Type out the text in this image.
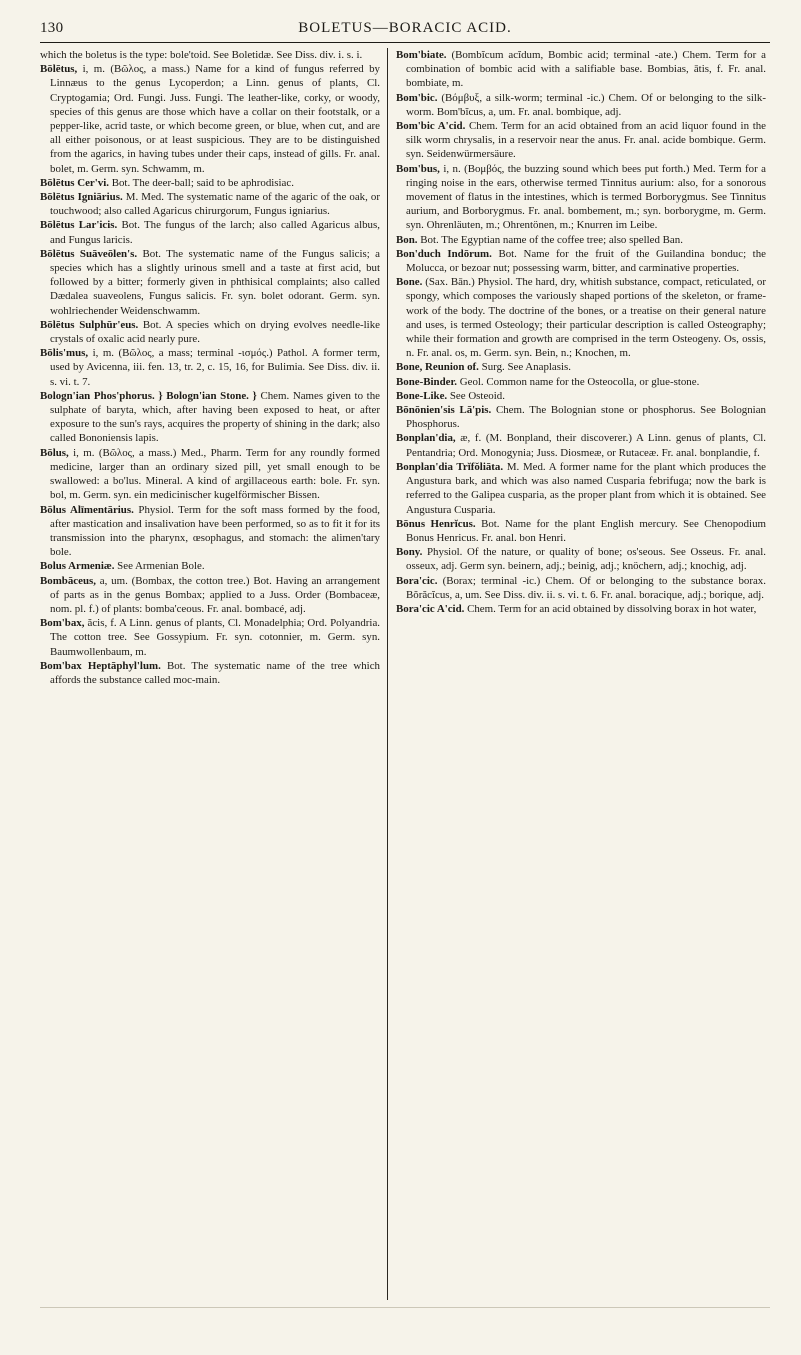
130	BOLETUS—BORACIC ACID.

which the boletus is the type: bole'toid. See Boletidæ. See Diss. div. i. s. i.

Bōlētus, i, m. (Βῶλος, a mass.) Name for a kind of fungus referred by Linnæus to the genus Lycoperdon; a Linn. genus of plants, Cl. Cryptogamia; Ord. Fungi. Juss. Fungi. The leather-like, corky, or woody, species of this genus are those which have a collar on their footstalk, or a pepper-like, acrid taste, or which become green, or blue, when cut, and are all either poisonous, or at least suspicious. They are to be distinguished from the agarics, in having tubes under their caps, instead of gills. Fr. anal. bolet, m. Germ. syn. Schwamm, m.

Bōlētus Cer'vi. Bot. The deer-ball; said to be aphrodisiac.

Bōlētus Igniārius. M. Med. The systematic name of the agaric of the oak, or touchwood; also called Agaricus chirurgorum, Fungus igniarius.

Bōlētus Lar'icis. Bot. The fungus of the larch; also called Agaricus albus, and Fungus laricis.

Bōlētus Suāveōlen's. Bot. The systematic name of the Fungus salicis; a species which has a slightly urinous smell and a taste at first acid, but followed by a bitter; formerly given in phthisical complaints; also called Dædalea suaveolens, Fungus salicis. Fr. syn. bolet odorant. Germ. syn. wohlriechender Weidenschwamm.

Bōlētus Sulphūr'eus. Bot. A species which on drying evolves needle-like crystals of oxalic acid nearly pure.

Bōlis'mus, i, m. (Βῶλος, a mass; terminal -ισμός.) Pathol. A former term, used by Avicenna, iii. fen. 13, tr. 2, c. 15, 16, for Bulimia. See Diss. div. ii. s. vi. t. 7.

Bologn'ian Phos'phorus. } Bologn'ian Stone. } Chem. Names given to the sulphate of baryta, which, after having been exposed to heat, or after exposure to the sun's rays, acquires the property of shining in the dark; also called Bononiensis lapis.

Bōlus, i, m. (Βῶλος, a mass.) Med., Pharm. Term for any roundly formed medicine, larger than an ordinary sized pill, yet small enough to be swallowed: a bo'lus. Mineral. A kind of argillaceous earth: bole. Fr. syn. bol, m. Germ. syn. ein medicinischer kugelförmischer Bissen.

Bōlus Alīmentārius. Physiol. Term for the soft mass formed by the food, after mastication and insalivation have been performed, so as to fit it for its transmission into the pharynx, œsophagus, and stomach: the alimen'tary bole.

Bolus Armeniæ. See Armenian Bole.

Bombāceus, a, um. (Bombax, the cotton tree.) Bot. Having an arrangement of parts as in the genus Bombax; applied to a Juss. Order (Bombaceæ, nom. pl. f.) of plants: bomba'ceous. Fr. anal. bombacé, adj.

Bom'bax, ăcis, f. A Linn. genus of plants, Cl. Monadelphia; Ord. Polyandria. The cotton tree. See Gossypium. Fr. syn. cotonnier, m. Germ. syn. Baumwollenbaum, m.

Bom'bax Heptāphyl'lum. Bot. The systematic name of the tree which affords the substance called moc-main.

Bom'biate. (Bombĭcum acĭdum, Bombic acid; terminal -ate.) Chem. Term for a combination of bombic acid with a salifiable base. Bombias, ātis, f. Fr. anal. bombiate, m.

Bom'bic. (Βόμβυξ, a silk-worm; terminal -ic.) Chem. Of or belonging to the silk-worm. Bom'bĭcus, a, um. Fr. anal. bombique, adj.

Bom'bic A'cid. Chem. Term for an acid obtained from an acid liquor found in the silk worm chrysalis, in a reservoir near the anus. Fr. anal. acide bombique. Germ. syn. Seidenwürmersäure.

Bom'bus, i, n. (Βομβός, the buzzing sound which bees put forth.) Med. Term for a ringing noise in the ears, otherwise termed Tinnitus aurium: also, for a sonorous movement of flatus in the intestines, which is termed Borborygmus. See Tinnitus aurium, and Borborygmus. Fr. anal. bombement, m.; syn. borborygme, m. Germ. syn. Ohrenläuten, m.; Ohrentönen, m.; Knurren im Leibe.

Bon. Bot. The Egyptian name of the coffee tree; also spelled Ban.

Bon'duch Indōrum. Bot. Name for the fruit of the Guilandina bonduc; the Molucca, or bezoar nut; possessing warm, bitter, and carminative properties.

Bone. (Sax. Bān.) Physiol. The hard, dry, whitish substance, compact, reticulated, or spongy, which composes the variously shaped portions of the skeleton, or frame-work of the body. The doctrine of the bones, or a treatise on their general nature and uses, is termed Osteology; their particular description is called Osteography; while their formation and growth are comprised in the term Osteogeny. Os, ossis, n. Fr. anal. os, m. Germ. syn. Bein, n.; Knochen, m.

Bone, Reunion of. Surg. See Anaplasis.

Bone-Binder. Geol. Common name for the Osteocolla, or glue-stone.

Bone-Like. See Osteoid.

Bōnōnien'sis Lā'pis. Chem. The Bolognian stone or phosphorus. See Bolognian Phosphorus.

Bonplan'dia, æ, f. (M. Bonpland, their discoverer.) A Linn. genus of plants, Cl. Pentandria; Ord. Monogynia; Juss. Diosmeæ, or Rutaceæ. Fr. anal. bonplandie, f.

Bonplan'dia Trĭfŏliāta. M. Med. A former name for the plant which produces the Angustura bark, and which was also named Cusparia febrifuga; now the bark is referred to the Galipea cusparia, as the proper plant from which it is obtained. See Angustura Cusparia.

Bōnus Henrĭcus. Bot. Name for the plant English mercury. See Chenopodium Bonus Henricus. Fr. anal. bon Henri.

Bony. Physiol. Of the nature, or quality of bone; os'seous. See Osseus. Fr. anal. osseux, adj. Germ syn. beinern, adj.; beinig, adj.; knöchern, adj.; knochig, adj.

Bora'cic. (Borax; terminal -ic.) Chem. Of or belonging to the substance borax. Bŏrăcĭcus, a, um. See Diss. div. ii. s. vi. t. 6. Fr. anal. boracique, adj.; borique, adj.

Bora'cic A'cid. Chem. Term for an acid obtained by dissolving borax in hot water,
